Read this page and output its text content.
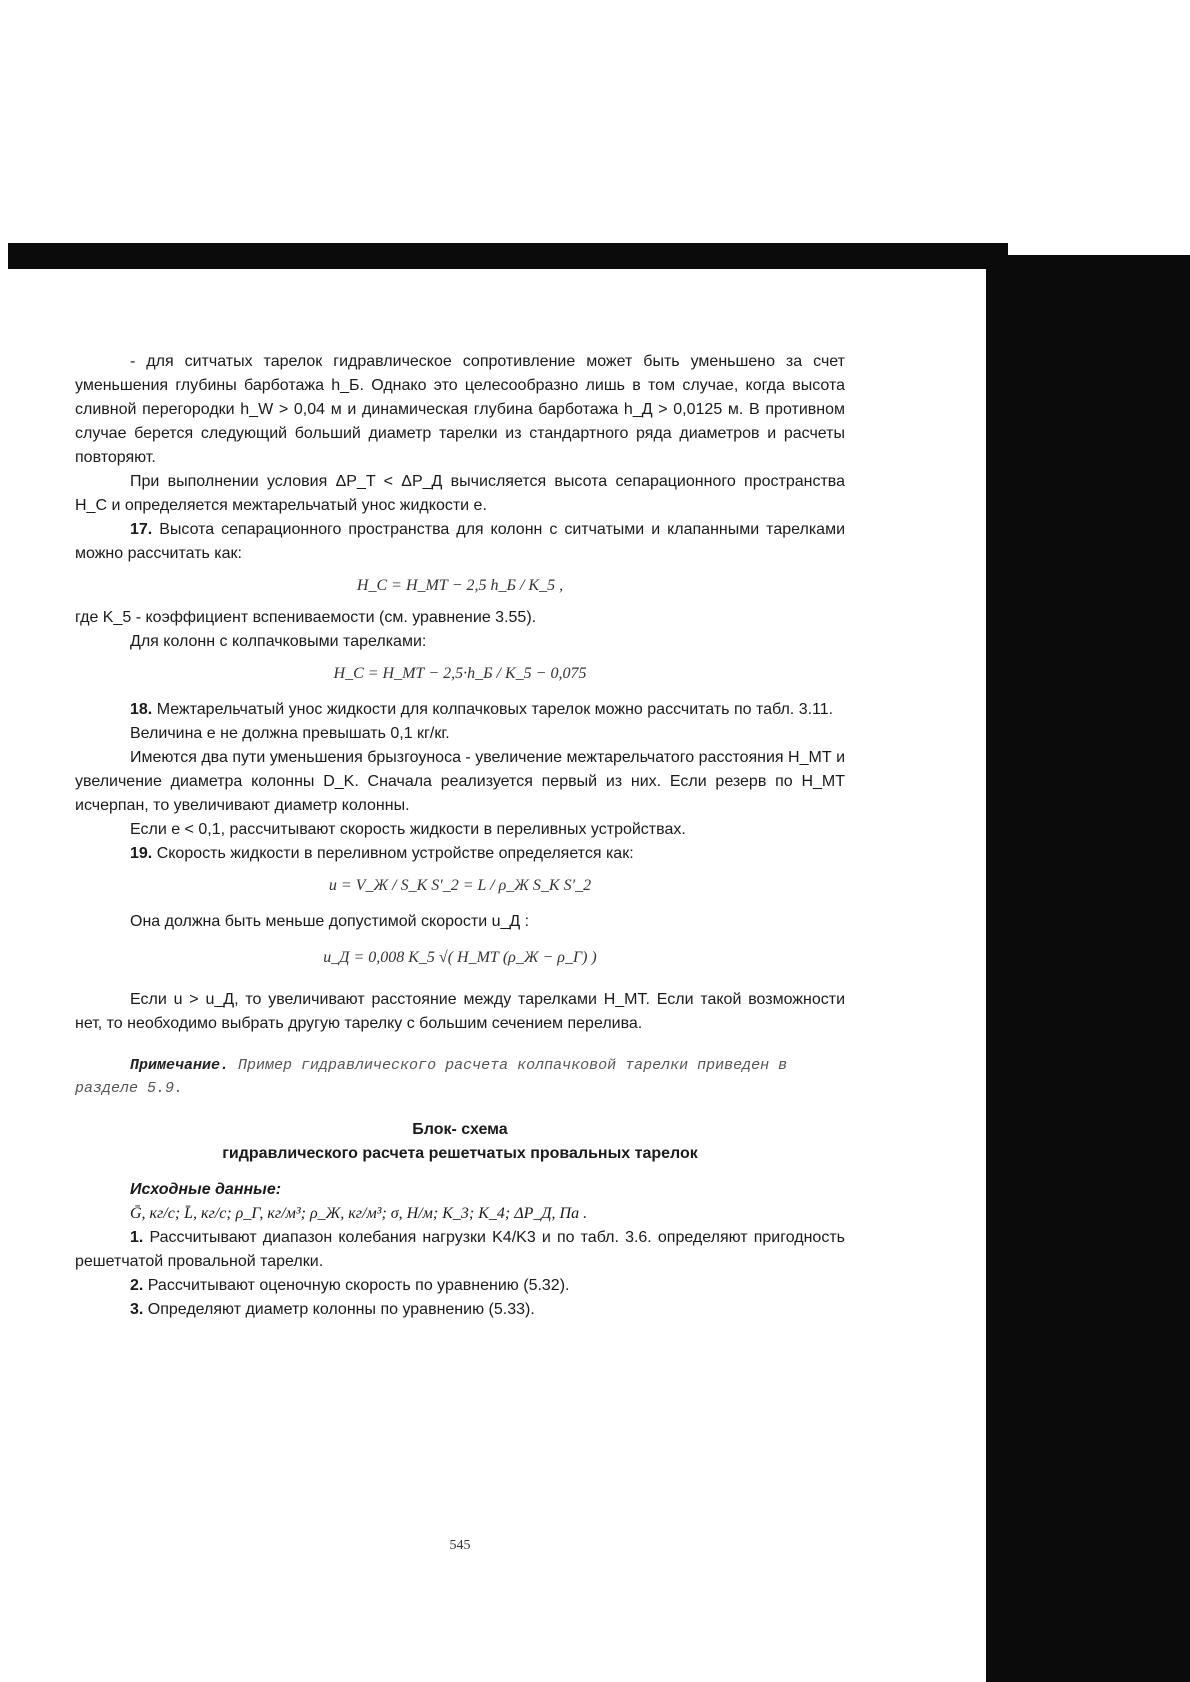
- для ситчатых тарелок гидравлическое сопротивление может быть уменьшено за счет уменьшения глубины барботажа h_Б. Однако это целесообразно лишь в том случае, когда высота сливной перегородки h_W > 0,04 м и динамическая глубина барботажа h_Д > 0,0125 м. В противном случае берется следующий больший диаметр тарелки из стандартного ряда диаметров и расчеты повторяют.

При выполнении условия ΔP_T < ΔP_Д вычисляется высота сепарационного пространства H_C и определяется межтарельчатый унос жидкости e.

17. Высота сепарационного пространства для колонн с ситчатыми и клапанными тарелками можно рассчитать как:

H_C = H_МТ − 2,5 h_Б / K_5 ,

где K_5 - коэффициент вспениваемости (см. уравнение 3.55).

Для колонн с колпачковыми тарелками:

H_C = H_МТ − 2,5·h_Б / K_5 − 0,075

18. Межтарельчатый унос жидкости для колпачковых тарелок можно рассчитать по табл. 3.11.

Величина e не должна превышать 0,1 кг/кг.

Имеются два пути уменьшения брызгоуноса - увеличение межтарельчатого расстояния H_МТ и увеличение диаметра колонны D_K. Сначала реализуется первый из них. Если резерв по H_МТ исчерпан, то увеличивают диаметр колонны.

Если e < 0,1, рассчитывают скорость жидкости в переливных устройствах.

19. Скорость жидкости в переливном устройстве определяется как:

u = V_Ж / S_K S′_2 = L / ρ_Ж S_K S′_2

Она должна быть меньше допустимой скорости u_Д :

u_Д = 0,008 K_5 √( H_МТ (ρ_Ж − ρ_Г) )

Если u > u_Д, то увеличивают расстояние между тарелками H_МТ. Если такой возможности нет, то необходимо выбрать другую тарелку с большим сечением перелива.

Примечание. Пример гидравлического расчета колпачковой тарелки приведен в разделе 5.9.

Блок- схема

гидравлического расчета решетчатых провальных тарелок

Исходные данные:

Ḡ, кг/с; L̄, кг/с; ρ_Г, кг/м³; ρ_Ж, кг/м³; σ, Н/м; K_3; K_4; ΔP_Д, Па .

1. Рассчитывают диапазон колебания нагрузки K4/K3 и по табл. 3.6. определяют пригодность решетчатой провальной тарелки.

2. Рассчитывают оценочную скорость по уравнению (5.32).

3. Определяют диаметр колонны по уравнению (5.33).

545
